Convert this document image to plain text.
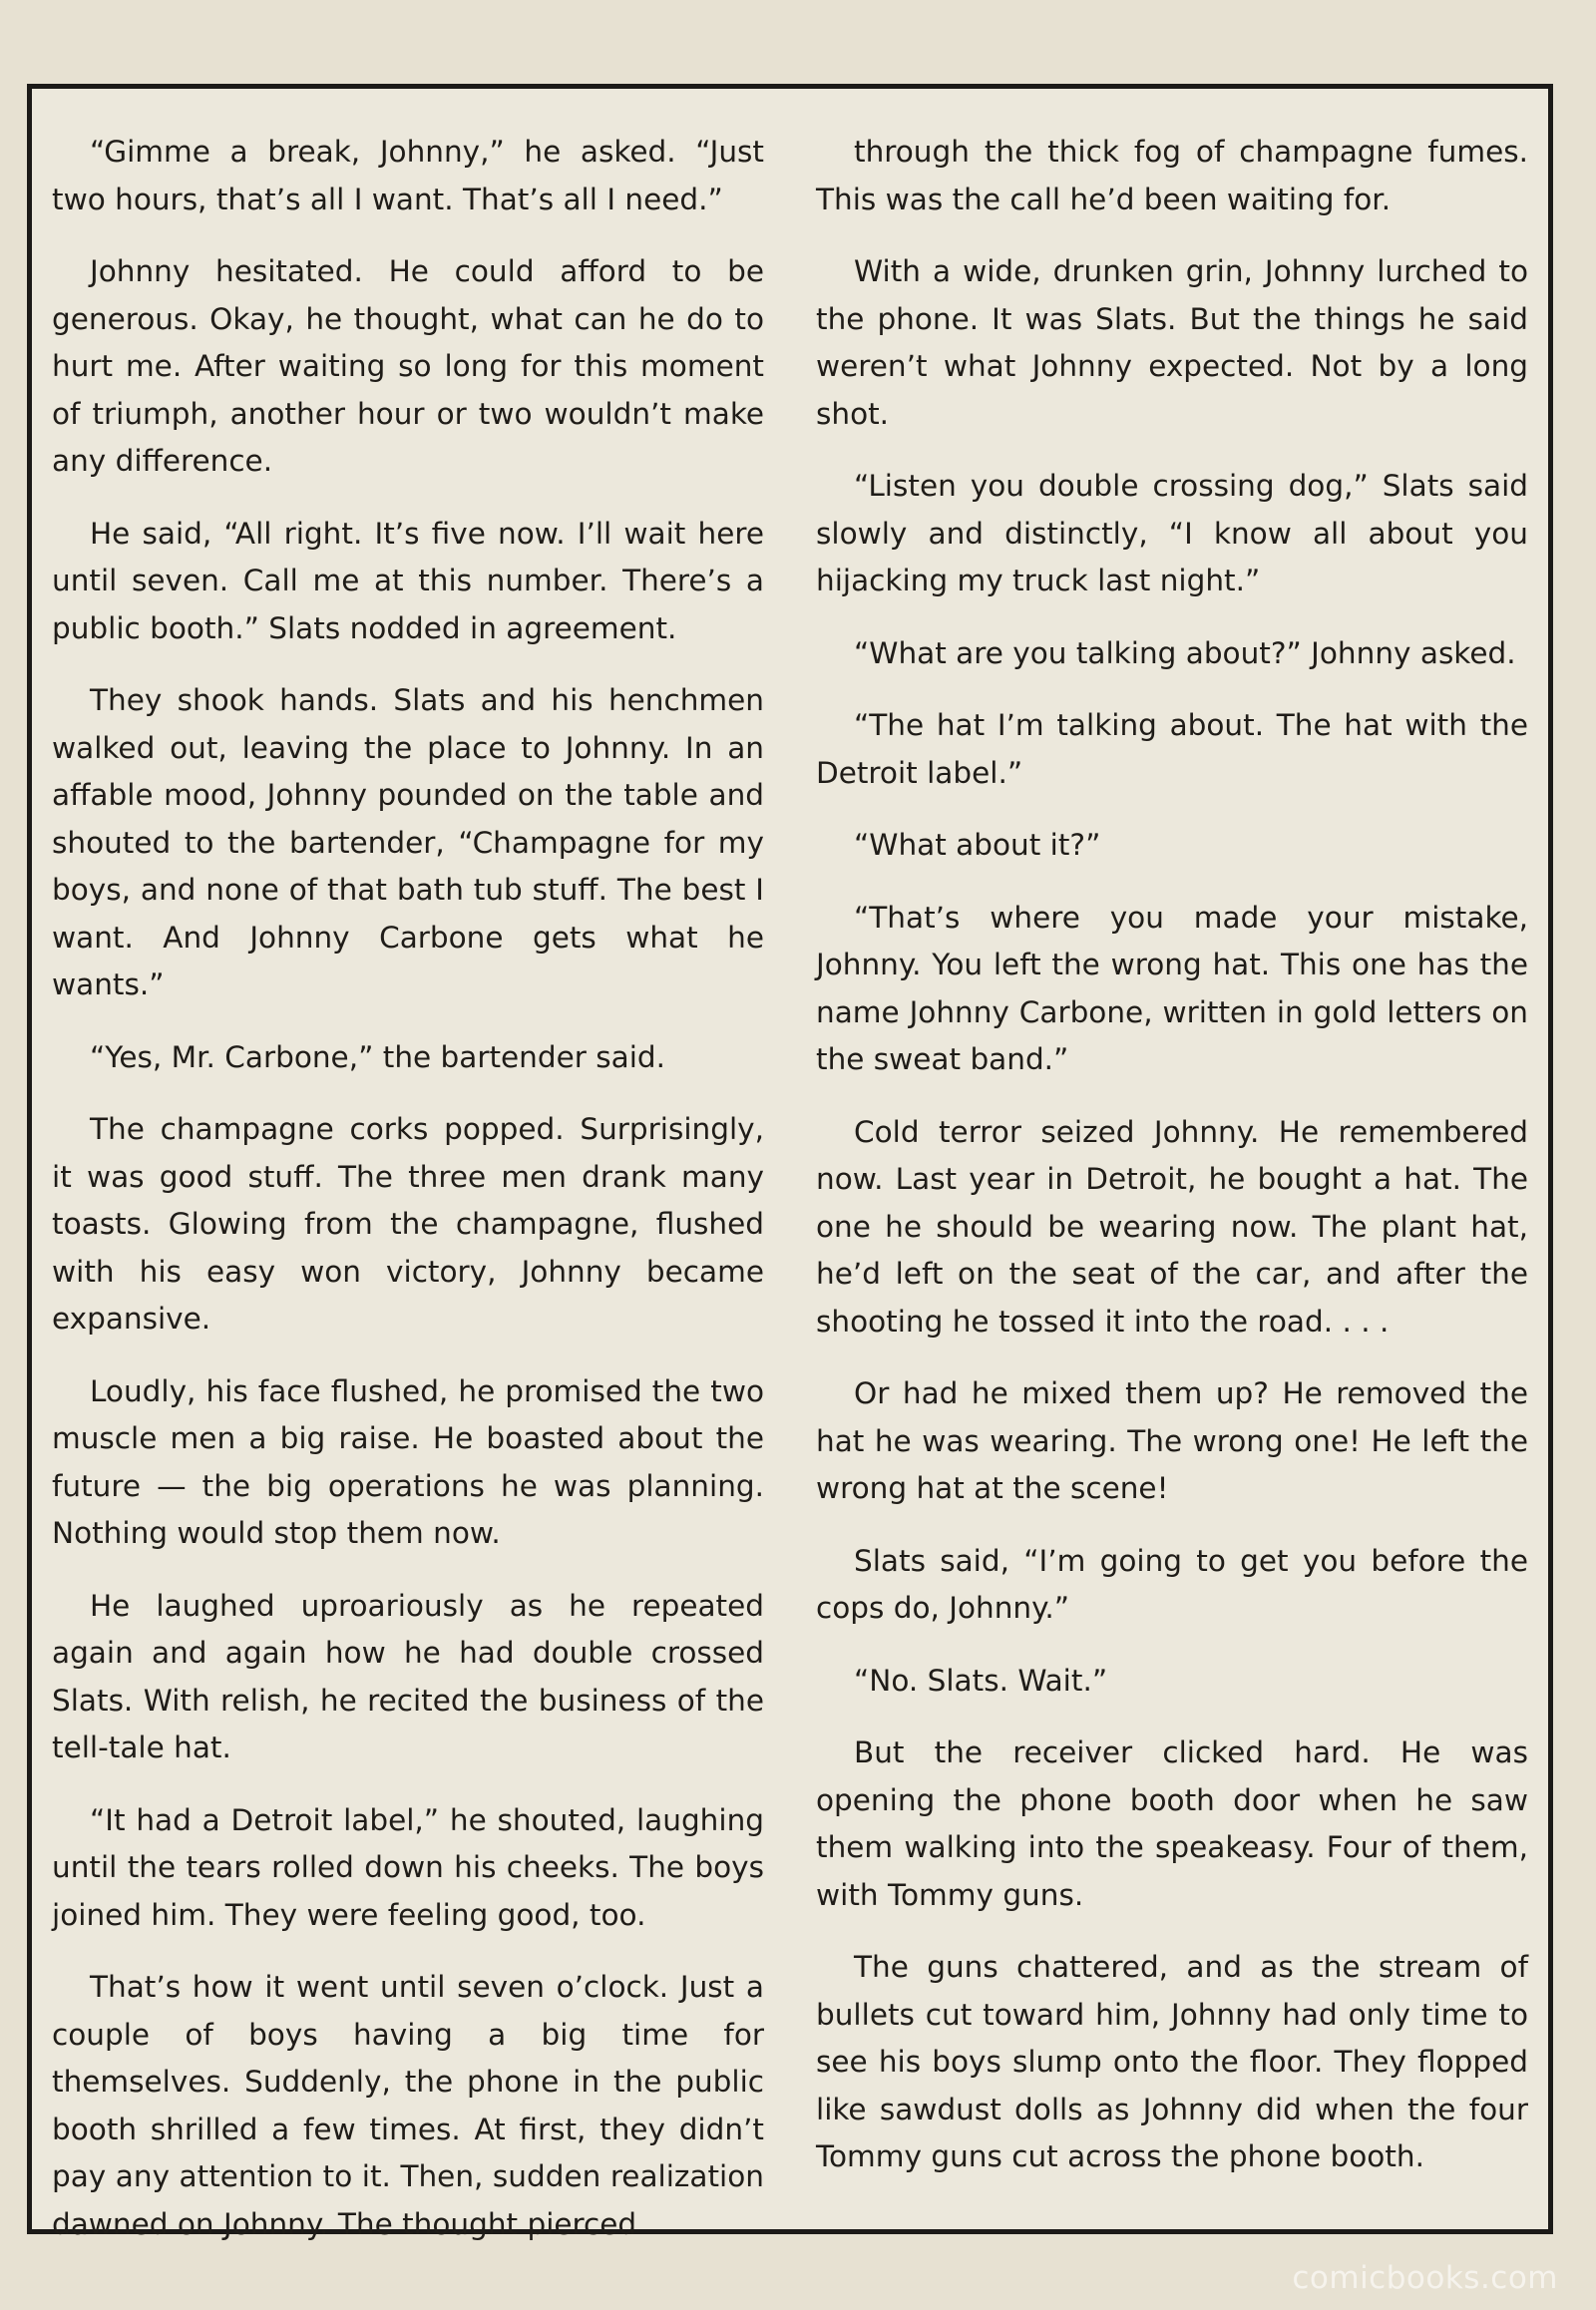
“Gimme a break, Johnny,” he asked. “Just two hours, that’s all I want. That’s all I need.”

Johnny hesitated. He could afford to be generous. Okay, he thought, what can he do to hurt me. After waiting so long for this moment of triumph, another hour or two wouldn’t make any difference.

He said, “All right. It’s five now. I’ll wait here until seven. Call me at this number. There’s a public booth.” Slats nodded in agreement.

They shook hands. Slats and his henchmen walked out, leaving the place to Johnny. In an affable mood, Johnny pounded on the table and shouted to the bartender, “Champagne for my boys, and none of that bath tub stuff. The best I want. And Johnny Carbone gets what he wants.”

“Yes, Mr. Carbone,” the bartender said.

The champagne corks popped. Surprisingly, it was good stuff. The three men drank many toasts. Glowing from the champagne, flushed with his easy won victory, Johnny became expansive.

Loudly, his face flushed, he promised the two muscle men a big raise. He boasted about the future — the big operations he was planning. Nothing would stop them now.

He laughed uproariously as he repeated again and again how he had double crossed Slats. With relish, he recited the business of the tell-tale hat.

“It had a Detroit label,” he shouted, laughing until the tears rolled down his cheeks. The boys joined him. They were feeling good, too.

That’s how it went until seven o’clock. Just a couple of boys having a big time for themselves. Suddenly, the phone in the public booth shrilled a few times. At first, they didn’t pay any attention to it. Then, sudden realization dawned on Johnny. The thought pierced

through the thick fog of champagne fumes. This was the call he’d been waiting for.

With a wide, drunken grin, Johnny lurched to the phone. It was Slats. But the things he said weren’t what Johnny expected. Not by a long shot.

“Listen you double crossing dog,” Slats said slowly and distinctly, “I know all about you hijacking my truck last night.”

“What are you talking about?” Johnny asked.

“The hat I’m talking about. The hat with the Detroit label.”

“What about it?”

“That’s where you made your mistake, Johnny. You left the wrong hat. This one has the name Johnny Carbone, written in gold letters on the sweat band.”

Cold terror seized Johnny. He remembered now. Last year in Detroit, he bought a hat. The one he should be wearing now. The plant hat, he’d left on the seat of the car, and after the shooting he tossed it into the road. . . .

Or had he mixed them up? He removed the hat he was wearing. The wrong one! He left the wrong hat at the scene!

Slats said, “I’m going to get you before the cops do, Johnny.”

“No. Slats. Wait.”

But the receiver clicked hard. He was opening the phone booth door when he saw them walking into the speakeasy. Four of them, with Tommy guns.

The guns chattered, and as the stream of bullets cut toward him, Johnny had only time to see his boys slump onto the floor. They flopped like sawdust dolls as Johnny did when the four Tommy guns cut across the phone booth.

comicbooks.com
